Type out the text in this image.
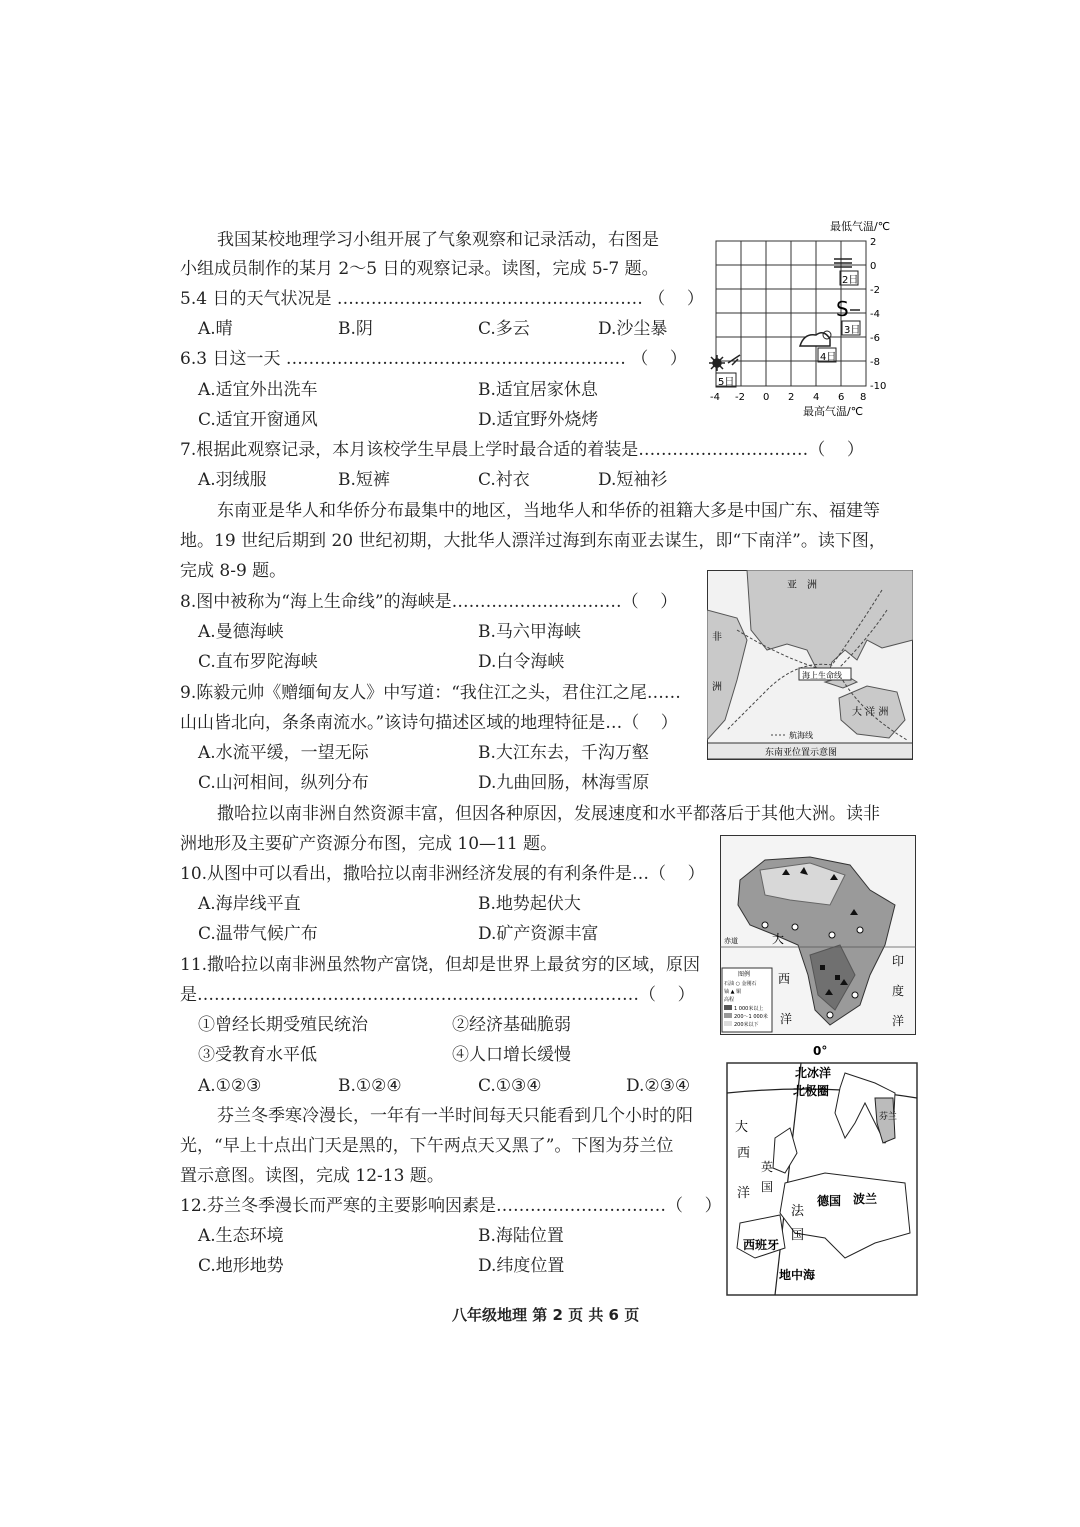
我国某校地理学习小组开展了气象观察和记录活动，右图是
小组成员制作的某月 2～5 日的观察记录。读图，完成 5-7 题。
5.4 日的天气状况是 ……………………………………………… （    ）
A.晴	B.阴	C.多云	D.沙尘暴
6.3 日这一天 …………………………………………………… （    ）
A.适宜外出洗车	B.适宜居家休息
C.适宜开窗通风	D.适宜野外烧烤
7.根据此观察记录，本月该校学生早晨上学时最合适的着装是…………………………（    ）
A.羽绒服	B.短裤	C.衬衣	D.短袖衫
最低气温/℃
最高气温/℃
2
0
-2
-4
-6
-8
-10
-4 -2 0 2 4 6 8
2日
S
3日
4日
5日
东南亚是华人和华侨分布最集中的地区，当地华人和华侨的祖籍大多是中国广东、福建等
地。19 世纪后期到 20 世纪初期，大批华人漂洋过海到东南亚去谋生，即“下南洋”。读下图，
完成 8-9 题。
8.图中被称为“海上生命线”的海峡是…………………………（    ）
A.曼德海峡	B.马六甲海峡
C.直布罗陀海峡	D.白令海峡
9.陈毅元帅《赠缅甸友人》中写道：“我住江之头，君住江之尾……
山山皆北向，条条南流水。”该诗句描述区域的地理特征是…（    ）
A.水流平缓，一望无际	B.大江东去，千沟万壑
C.山河相间，纵列分布	D.九曲回肠，林海雪原
亚　洲
非
洲
大 洋 洲
海上生命线
航海线
东南亚位置示意图
撒哈拉以南非洲自然资源丰富，但因各种原因，发展速度和水平都落后于其他大洲。读非
洲地形及主要矿产资源分布图，完成 10—11 题。
10.从图中可以看出，撒哈拉以南非洲经济发展的有利条件是…（    ）
A.海岸线平直	B.地势起伏大
C.温带气候广布	D.矿产资源丰富
11.撒哈拉以南非洲虽然物产富饶，但却是世界上最贫穷的区域，原因
是……………………………………………………………………（    ）
①曾经长期受殖民统治	②经济基础脆弱
③受教育水平低	④人口增长缓慢
A.①②③	B.①②④	C.①③④	D.②③④
赤道	大
西
洋
印
度
洋
图例
石油 ○ 金刚石
铀 ▲ 铜
高程
1 000米以上
200～1 000米
200米以下
芬兰冬季寒冷漫长，一年有一半时间每天只能看到几个小时的阳
光，“早上十点出门天是黑的，下午两点天又黑了”。下图为芬兰位
置示意图。读图，完成 12-13 题。
12.芬兰冬季漫长而严寒的主要影响因素是…………………………（    ）
A.生态环境	B.海陆位置
C.地形地势	D.纬度位置
0°
北冰洋
北极圈
大
西
洋
英
国
法
国
德国 波兰
西班牙
地中海
芬兰
八年级地理 第 2 页 共 6 页
